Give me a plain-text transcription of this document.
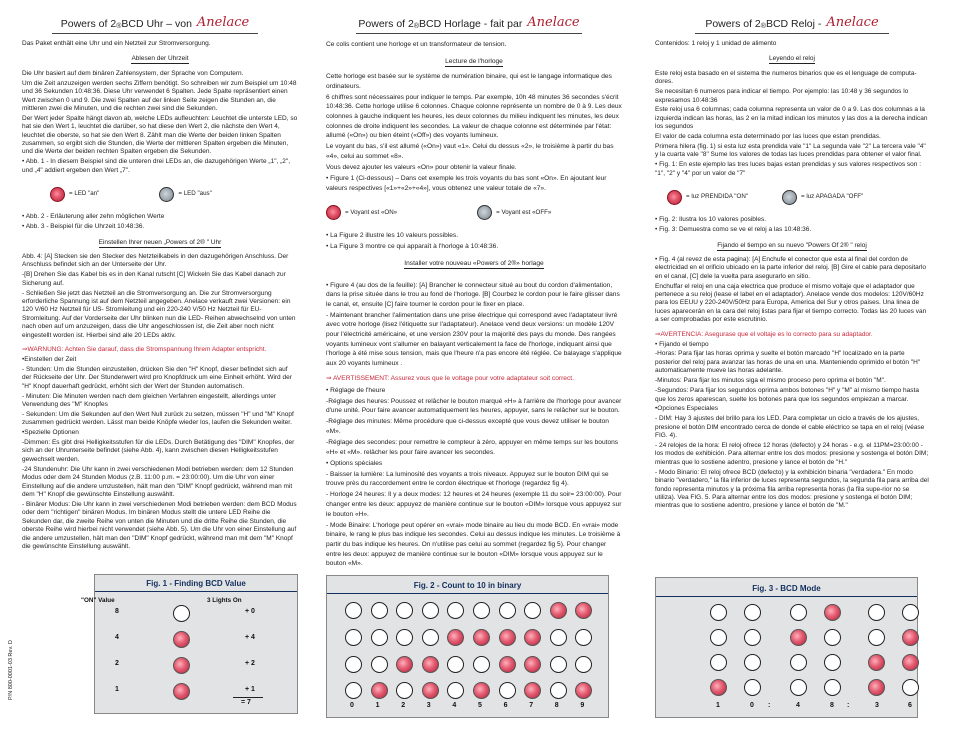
Powers of $2_®$ BCD Uhr – von
Anelace

Das Paket enthält eine Uhr und ein Netzteil zur Stromversorgung.

Ablesen der Uhrzeit

Die Uhr basiert auf dem binären Zahlensystem, der Sprache von Computern.

Um die Zeit anzuzeigen werden sechs Ziffern benötigt. So schreiben wir zum Beispiel um 10:48 und 36 Sekunden 10:48:36. Diese Uhr verwendet 6 Spalten. Jede Spalte repräsentiert einen Wert zwischen 0 und 9. Die zwei Spalten auf der linken Seite zeigen die Stunden an, die mittleren zwei die Minuten, und die rechten zwei sind die Sekunden.

Der Wert jeder Spalte hängt davon ab, welche LEDs aufleuchten: Leuchtet die unterste LED, so hat sie den Wert 1, leuchtet die darüber, so hat diese den Wert 2, die nächste den Wert 4, leuchtet die oberste, so hat sie den Wert 8. Zählt man die Werte der beiden linken Spalten zusammen, so ergibt sich die Stunden, die Werte der mittleren Spalten ergeben die Minuten, und die Werte der beiden rechten Spalten ergeben die Sekunden.

• Abb. 1 - In diesem Beispiel sind die unteren drei LEDs an, die dazugehörigen Werte „1", „2", und „4" addiert ergeben den Wert „7".

= LED "an"	= LED "aus"

• Abb. 2 - Erläuterung aller zehn möglichen Werte

• Abb. 3 - Beispiel für die Uhrzeit 10:48:36.

Einstellen Ihrer neuen „Powers of 2® " Uhr

Abb. 4: [A] Stecken sie den Stecker des Netzteilkabels in den dazugehörigen Anschluss. Der Anschluss befindet sich an der Unterseite der Uhr.

-[B] Drehen Sie das Kabel bis es in den Kanal rutscht [C] Wickeln Sie das Kabel danach zur Sicherung auf.

- Schließen Sie jetzt das Netzteil an die Stromversorgung an. Die zur Stromversorgung erforderliche Spannung ist auf dem Netzteil angegeben. Anelace verkauft zwei Versionen: ein 120 V/60 Hz Netzteil für US- Stromleitung und ein 220-240 V/50 Hz Netzteil für EU-Stromleitung. Auf der Vorderseite der Uhr blinken nun die LED- Reihen abwechselnd von unten nach oben auf um anzuzeigen, dass die Uhr angeschlossen ist, die Zeit aber noch nicht eingestellt worden ist. Hierbei sind alle 20 LEDs aktiv.

⇒WARNUNG: Achten Sie darauf, dass die Stromspannung Ihrem Adapter entspricht.

•Einstellen der Zeit

- Stunden: Um die Stunden einzustellen, drücken Sie den "H" Knopf, dieser befindet sich auf der Rückseite der Uhr. Der Stundenwert wird pro Knopfdruck um eine Einheit erhöht. Wird der "H" Knopf dauerhaft gedrückt, erhöht sich der Wert der Stunden automatisch.

- Minuten: Die Minuten werden nach dem gleichen Verfahren eingestellt, allerdings unter Verwendung des "M" Knopfes

- Sekunden: Um die Sekunden auf den Wert Null zurück zu setzen, müssen "H" und "M" Knopf zusammen gedrückt werden. Lässt man beide Knöpfe wieder los, laufen die Sekunden weiter.

•Spezielle Optionen

-Dimmen: Es gibt drei Helligkeitsstufen für die LEDs. Durch Betätigung des "DIM" Knopfes, der sich an der Uhrunterseite befindet (siehe Abb. 4), kann zwischen diesen Helligkeitsstufen gewechselt werden.

-24 Stundenuhr: Die Uhr kann in zwei verschiedenen Modi betrieben werden: dem 12 Stunden Modus oder dem 24 Stunden Modus (z.B. 11:00 p.m. = 23:00:00). Um die Uhr von einer Einstellung auf die andere umzustellen, hält man den "DIM" Knopf gedrückt, während man mit dem "H" Knopf die gewünschte Einstellung auswählt.

- Binärer Modus: Die Uhr kann in zwei verschiedenen Modi betrieben werden: dem BCD Modus oder dem "richtigen" binären Modus. Im binären Modus stellt die untere LED Reihe die Sekunden dar, die zweite Reihe von unten die Minuten und die dritte Reihe die Stunden, die oberste Reihe wird hierbei nicht verwendet (siehe Abb. 5). Um die Uhr von einer Einstellung auf die andere umzustellen, hält man den "DIM" Knopf gedrückt, während man mit dem "M" Knopf die gewünschte Einstellung auswählt.

Powers of $2_®$ BCD Horlage - fait par
Anelace

Ce colis contient une horloge et un transformateur de tension.

Lecture de l'horloge

Cette horloge est basée sur le système de numération binaire, qui est le langage informatique des ordinateurs.

6 chiffres sont nécessaires pour indiquer le temps. Par exemple, 10h 48 minutes 36 secondes s'écrit 10:48:36. Cette horloge utilise 6 colonnes. Chaque colonne représente un nombre de 0 à 9. Les deux colonnes à gauche indiquent les heures, les deux colonnes du milieu indiquent les minutes, les deux colonnes de droite indiquent les secondes. La valeur de chaque colonne est déterminée par l'état: allumé («On») ou bien éteint («Off») des voyants lumineux.

Le voyant du bas, s'il est allumé («On») vaut «1». Celui du dessus «2», le troisième à partir du bas «4», celui au sommet «8».

Vous devez ajouter les valeurs «On» pour obtenir la valeur finale.

• Figure 1 (Ci-dessous) – Dans cet exemple les trois voyants du bas sont «On». En ajoutant leur valeurs respectives [«1»+«2»+«4»], vous obtenez une valeur totale de «7».

= Voyant est «ON»	= Voyant est «OFF»

• La Figure 2 illustre les 10 valeurs possibles.

• La Figure 3 montre ce qui apparaît à l'horloge à 10:48:36.

Installer votre nouveau «Powers of 2®» horlage

• Figure 4 (au dos de la feuille): [A] Brancher le connecteur situé au bout du cordon d'alimentation, dans la prise située dans le trou au fond de l'horloge. [B] Courbez le cordon pour le faire glisser dans le canal, et, ensuite [C] faire tourner le cordon pour le fixer en place.

- Maintenant brancher l'alimentation dans une prise électrique qui correspond avec l'adaptateur livré avec votre horloge (lisez l'étiquette sur l'adaptateur). Anelace vend deux versions: un modèle 120V pour l'électricité américaine, et une version 230V pour la majorité des pays du monde. Des rangées voyants lumineux vont s'allumer en balayant verticalement la face de l'horloge, indiquant ainsi que l'horloge à été mise sous tension, mais que l'heure n'a pas encore été réglée. Ce balayage s'applique aux 20 voyants lumineux .

⇒ AVERTISSEMENT: Assurez vous que le voltage pour votre adaptateur soit correct.

• Réglage de l'heure

-Réglage des heures: Poussez et relâcher le bouton marqué «H» à l'arrière de l'horloge pour avancer d'une unité. Pour faire avancer automatiquement les heures, appuyer, sans le relâcher sur le bouton.

-Réglage des minutes: Même procédure que ci-dessus excepté que vous devez utiliser le bouton «M».

-Réglage des secondes: pour remettre le compteur à zéro, appuyer en même temps sur les boutons «H» et «M». relâcher les pour faire avancer les secondes.

• Options spéciales

- Baisser la lumière: La luminosité des voyants a trois niveaux. Appuyez sur le bouton DIM qui se trouve près du raccordement entre le cordon électrique et l'horloge (regardez fig 4).

- Horloge 24 heures: Il y a deux modes: 12 heures et 24 heures (exemple 11 du soir= 23:00:00). Pour changer entre les deux: appuyez de manière continue sur le bouton «DIM» lorsque vous appuyez sur le bouton «H».

- Mode Binaire: L'horloge peut opérer en «vrai» mode binaire au lieu du mode BCD. En «vrai» mode binaire, le rang le plus bas indique les secondes. Celui au dessus indique les minutes. Le troisième à partir du bas indique les heures. On n'utilise pas celui au sommet (regardez fig 5). Pour changer entre les deux: appuyez de manière continue sur le bouton «DIM» lorsque vous appuyez sur le bouton «M».

Powers of $2_®$ BCD Reloj -
Anelace

Contenidos: 1 reloj y 1 unidad de alimento

Leyendo el reloj

Este reloj esta basado en el sistema the numeros binarios que es el lenguage de computa-dores.

Se necesitan 6 numeros para indicar el tiempo. Por ejemplo: las 10:48 y 36 segundos lo expresamos 10:48:36

Este reloj usa 6 columnas; cada columna representa un valor de 0 a 9. Las dos columnas a la izquierda indican las horas, las 2 en la mitad indican los minutos y las dos a la derecha indican los segundos

El valor de cada columna esta determinado por las luces que estan prendidas.

Primera hilera (fig. 1) si esta luz esta prendida vale "1" La segunda vale "2" La tercera vale "4" y la cuarta vale "8" Sume los valores de todas las luces prendidas para obtener el valor final.

• Fig. 1: En este ejemplo las tres luces bajas estan prendidas y sus valores respectivos son : "1", "2" y "4" por un valor de "7"

= luz PRENDIDA "ON"	= luz APAGADA "OFF"

• Fig. 2: Ilustra los 10 valores posibles.

• Fig. 3: Demuestra como se ve el reloj a las 10:48:36.

Fijando el tiempo en su nuevo "Powers Of 2® " reloj

• Fig. 4 (al revez de esta pagina): [A] Enchufe el conector que esta al final del cordon de electricidad en el orificio ubicado en la parte inferior del reloj. [B] Gire el cable para depositarlo en el canal, [C] dele la vuelta para asegurarlo en sitio.

Enchuffar el reloj en una caja electrica que produce el mismo voltaje que el adaptador que pertenece a su reloj (lease el label en el adaptador). Anelace vende dos modelos: 120V/60Hz para los EEUU y 220-240V/50Hz para Europa, America del Sur y otros paises. Una linea de luces aparecerán en la cara del reloj listas para fijar el tiempo correcto. Todas las 20 luces van a ser comprobadas por este escrutinio.

⇒AVERTENCIA: Asegurase que el voltaje es lo correcto para su adaptador.

• Fijando el tiempo

-Horas: Para fijar las horas oprima y suelte el botón marcado "H" localizado en la parte posterior del reloj para avanzar las horas de una en una. Manteniendo oprimido el botón "H" automaticamente mueve las horas adelante.

-Minutos: Para fijar los minutos siga el mismo proceso pero oprima el botón "M".

-Segundos: Para fijar los segundos oprima ambos botones "H" y "M" al mismo tiempo hasta que los zeros aparescan, suelte los botones para que los segundos empiezan a marcar.

•Opciones Especiales

- DIM: Hay 3 ajustes del brillo para los LED. Para completar un ciclo a través de los ajustes, presione el botón DIM encontrado cerca de donde el cable eléctrico se tapa en el reloj (véase FIG. 4).

- 24 relojes de la hora: El reloj ofrece 12 horas (defecto) y 24 horas - e.g. el 11PM=23:00:00 - los modos de exhibición. Para alternar entre los dos modos: presione y sostenga el botón DIM; mientras que lo sostiene adentro, presione y lance el botón de "H."

- Modo Binario: El reloj ofrece BCD (defecto) y la exhibición binaria "verdadera." En modo binario "verdadero," la fila inferior de luces representa segundos, la segunda fila para arriba del fondo representa minutos y la próxima fila arriba representa horas (la fila supe-rior no se utiliza). Vea FIG. 5. Para alternar entre los dos modos: presione y sostenga el botón DIM; mientras que lo sostiene adentro, presione y lance el botón de "M."

P/N 800-0001-03 Rev. D
Fig. 1 - Finding BCD Value
"ON" Value	3 Lights On
= 7
8	+ 0
4	+ 4
2	+ 2
1	+ 1
Fig. 2 - Count to 10 in binary
0	1	2	3	4	5	6	7	8	9
Fig. 3 - BCD Mode
1	0 :	4	8 :	3	6
